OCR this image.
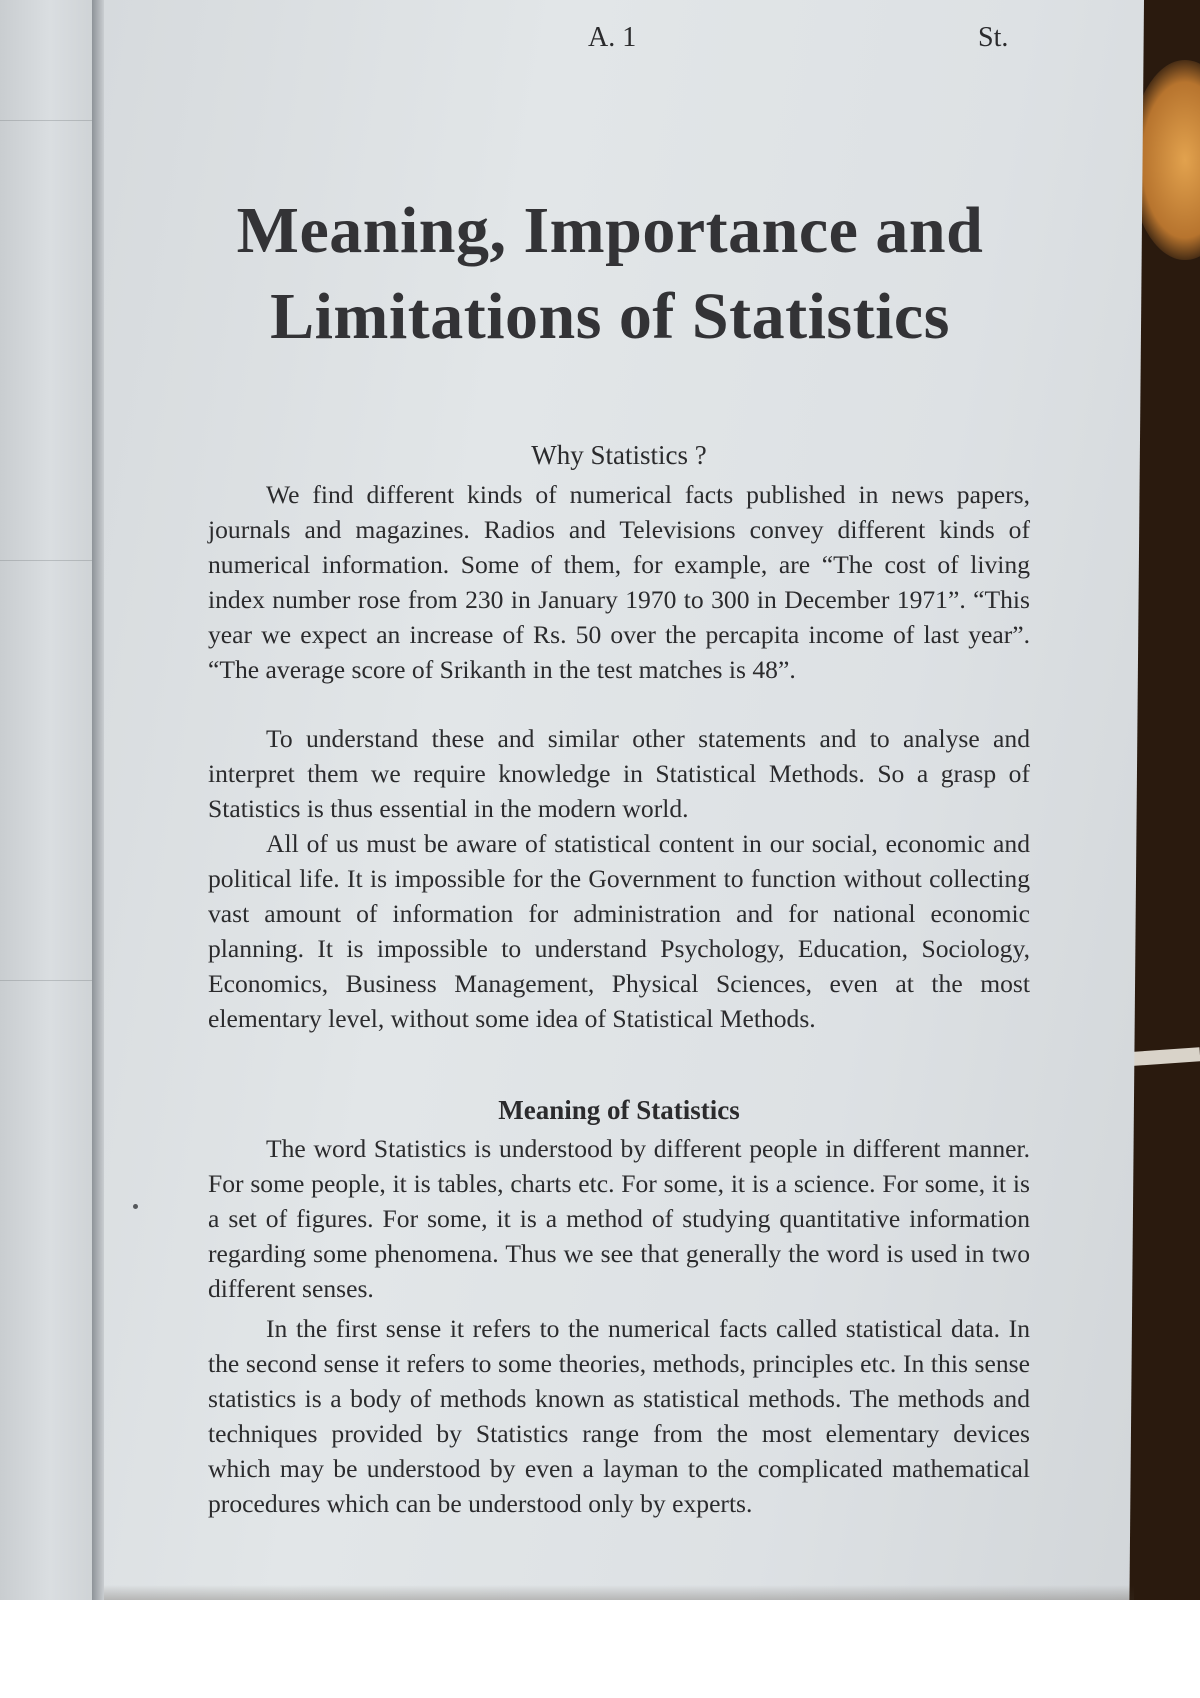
A. 1	St.

Meaning, Importance and
Limitations of Statistics
Why Statistics ?

We find different kinds of numerical facts published in news papers, journals and magazines. Radios and Televisions convey different kinds of numerical information. Some of them, for example, are “The cost of living index number rose from 230 in January 1970 to 300 in December 1971”. “This year we expect an increase of Rs. 50 over the percapita income of last year”. “The average score of Srikanth in the test matches is 48”.

To understand these and similar other statements and to analyse and interpret them we require knowledge in Statistical Methods. So a grasp of Statistics is thus essential in the modern world.

All of us must be aware of statistical content in our social, economic and political life. It is impossible for the Government to function without collecting vast amount of information for administration and for national economic planning. It is impossible to understand Psychology, Education, Sociology, Economics, Business Management, Physical Sciences, even at the most elementary level, without some idea of Statistical Methods.

Meaning of Statistics

The word Statistics is understood by different people in different manner. For some people, it is tables, charts etc. For some, it is a science. For some, it is a set of figures. For some, it is a method of studying quantitative information regarding some phenomena. Thus we see that generally the word is used in two different senses.

In the first sense it refers to the numerical facts called statistical data. In the second sense it refers to some theories, methods, principles etc. In this sense statistics is a body of methods known as statistical methods. The methods and techniques provided by Statistics range from the most elementary devices which may be understood by even a layman to the complicated mathematical procedures which can be understood only by experts.
